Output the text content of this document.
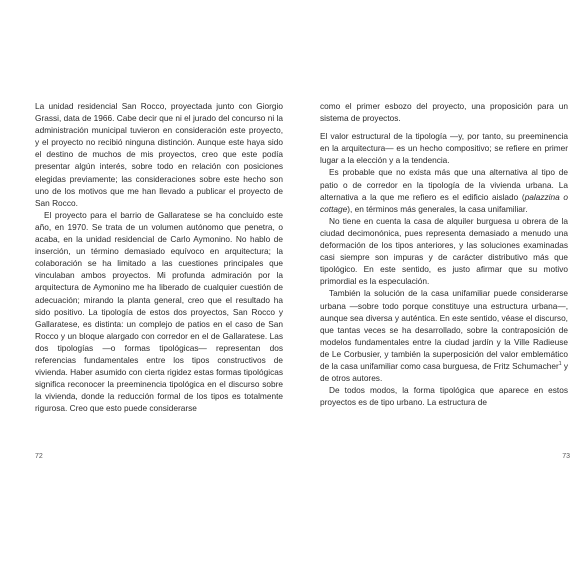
La unidad residencial San Rocco, proyectada junto con Giorgio Grassi, data de 1966. Cabe decir que ni el jurado del concurso ni la administración municipal tuvieron en consideración este proyecto, y el proyecto no recibió ninguna distinción. Aunque este haya sido el destino de muchos de mis proyectos, creo que este podía presentar algún interés, sobre todo en relación con posiciones elegidas previamente; las consideraciones sobre este hecho son uno de los motivos que me han llevado a publicar el proyecto de San Rocco.

El proyecto para el barrio de Gallaratese se ha concluido este año, en 1970. Se trata de un volumen autónomo que penetra, o acaba, en la unidad residencial de Carlo Aymonino. No hablo de inserción, un término demasiado equívoco en arquitectura; la colaboración se ha limitado a las cuestiones principales que vinculaban ambos proyectos. Mi profunda admiración por la arquitectura de Aymonino me ha liberado de cualquier cuestión de adecuación; mirando la planta general, creo que el resultado ha sido positivo. La tipología de estos dos proyectos, San Rocco y Gallaratese, es distinta: un complejo de patios en el caso de San Rocco y un bloque alargado con corredor en el de Gallaratese. Las dos tipologías —o formas tipológicas— representan dos referencias fundamentales entre los tipos constructivos de vivienda. Haber asumido con cierta rigidez estas formas tipológicas significa reconocer la preeminencia tipológica en el discurso sobre la vivienda, donde la reducción formal de los tipos es totalmente rigurosa. Creo que esto puede considerarse

72

como el primer esbozo del proyecto, una proposición para un sistema de proyectos.

El valor estructural de la tipología —y, por tanto, su preeminencia en la arquitectura— es un hecho compositivo; se refiere en primer lugar a la elección y a la tendencia.

Es probable que no exista más que una alternativa al tipo de patio o de corredor en la tipología de la vivienda urbana. La alternativa a la que me refiero es el edificio aislado (palazzina o cottage), en términos más generales, la casa unifamiliar.

No tiene en cuenta la casa de alquiler burguesa u obrera de la ciudad decimonónica, pues representa demasiado a menudo una deformación de los tipos anteriores, y las soluciones examinadas casi siempre son impuras y de carácter distributivo más que tipológico. En este sentido, es justo afirmar que su motivo primordial es la especulación.

También la solución de la casa unifamiliar puede considerarse urbana —sobre todo porque constituye una estructura urbana—, aunque sea diversa y auténtica. En este sentido, véase el discurso, que tantas veces se ha desarrollado, sobre la contraposición de modelos fundamentales entre la ciudad jardín y la Ville Radieuse de Le Corbusier, y también la superposición del valor emblemático de la casa unifamiliar como casa burguesa, de Fritz Schumacher$^1$ y de otros autores.

De todos modos, la forma tipológica que aparece en estos proyectos es de tipo urbano. La estructura de

73
